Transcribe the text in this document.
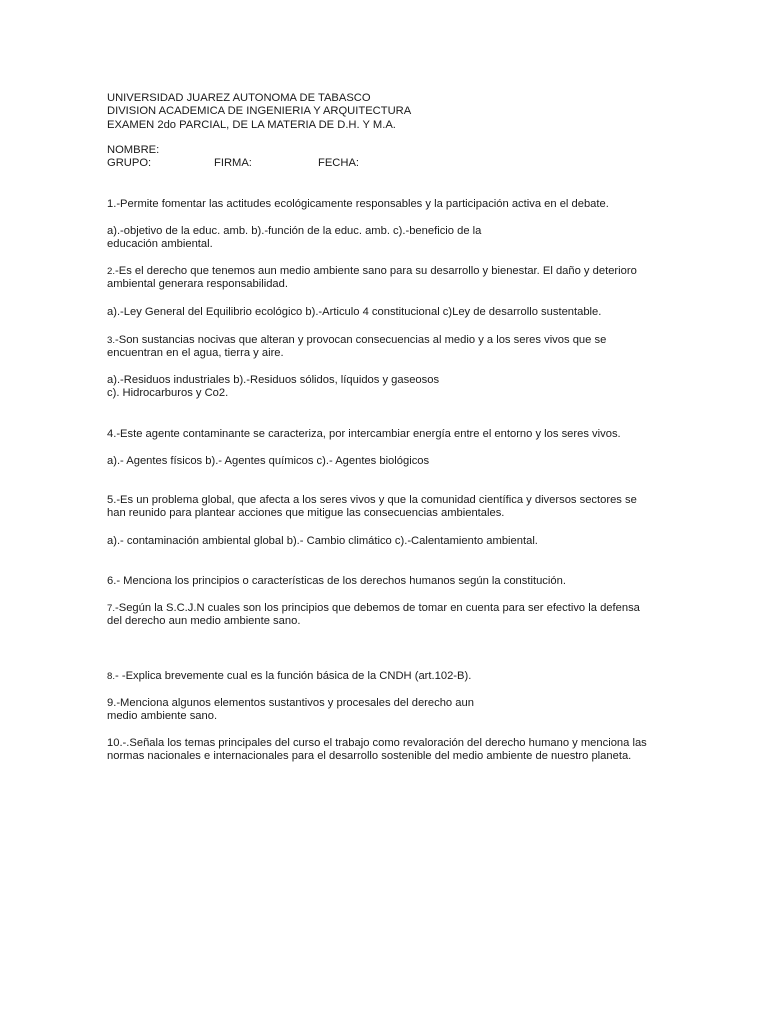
UNIVERSIDAD JUAREZ AUTONOMA DE TABASCO
DIVISION ACADEMICA DE INGENIERIA Y ARQUITECTURA
EXAMEN 2do PARCIAL, DE LA MATERIA DE D.H. Y M.A.
NOMBRE:
GRUPO:	FIRMA:	FECHA:
1.-Permite fomentar las actitudes ecológicamente responsables y la participación activa en el debate.
a).-objetivo de la educ. amb. b).-función de la educ. amb. c).-beneficio de la
educación ambiental.
2.-Es el derecho que tenemos aun medio ambiente sano para su desarrollo y bienestar. El daño y deterioro
ambiental generara responsabilidad.
a).-Ley General del Equilibrio ecológico b).-Articulo 4 constitucional c)Ley de desarrollo sustentable.
3.-Son sustancias nocivas que alteran y provocan consecuencias al medio y a los seres vivos que se
encuentran en el agua, tierra y aire.
a).-Residuos industriales b).-Residuos sólidos, líquidos y gaseosos
c). Hidrocarburos y Co2.
4.-Este agente contaminante se caracteriza, por intercambiar energía entre el entorno y los seres vivos.
a).- Agentes físicos b).- Agentes químicos c).- Agentes biológicos
5.-Es un problema global, que afecta a los seres vivos y que la comunidad científica y diversos sectores se
han reunido para plantear acciones que mitigue las consecuencias ambientales.
a).- contaminación ambiental global b).- Cambio climático c).-Calentamiento ambiental.
6.- Menciona los principios o características de los derechos humanos según la constitución.
7.-Según la S.C.J.N cuales son los principios que debemos de tomar en cuenta para ser efectivo la defensa
del derecho aun medio ambiente sano.
8.- -Explica brevemente cual es la función básica de la CNDH (art.102-B).
9.-Menciona algunos elementos sustantivos y procesales del derecho aun
medio ambiente sano.
10.-.Señala los temas principales del curso el trabajo como revaloración del derecho humano y menciona las
normas nacionales e internacionales para el desarrollo sostenible del medio ambiente de nuestro planeta.
